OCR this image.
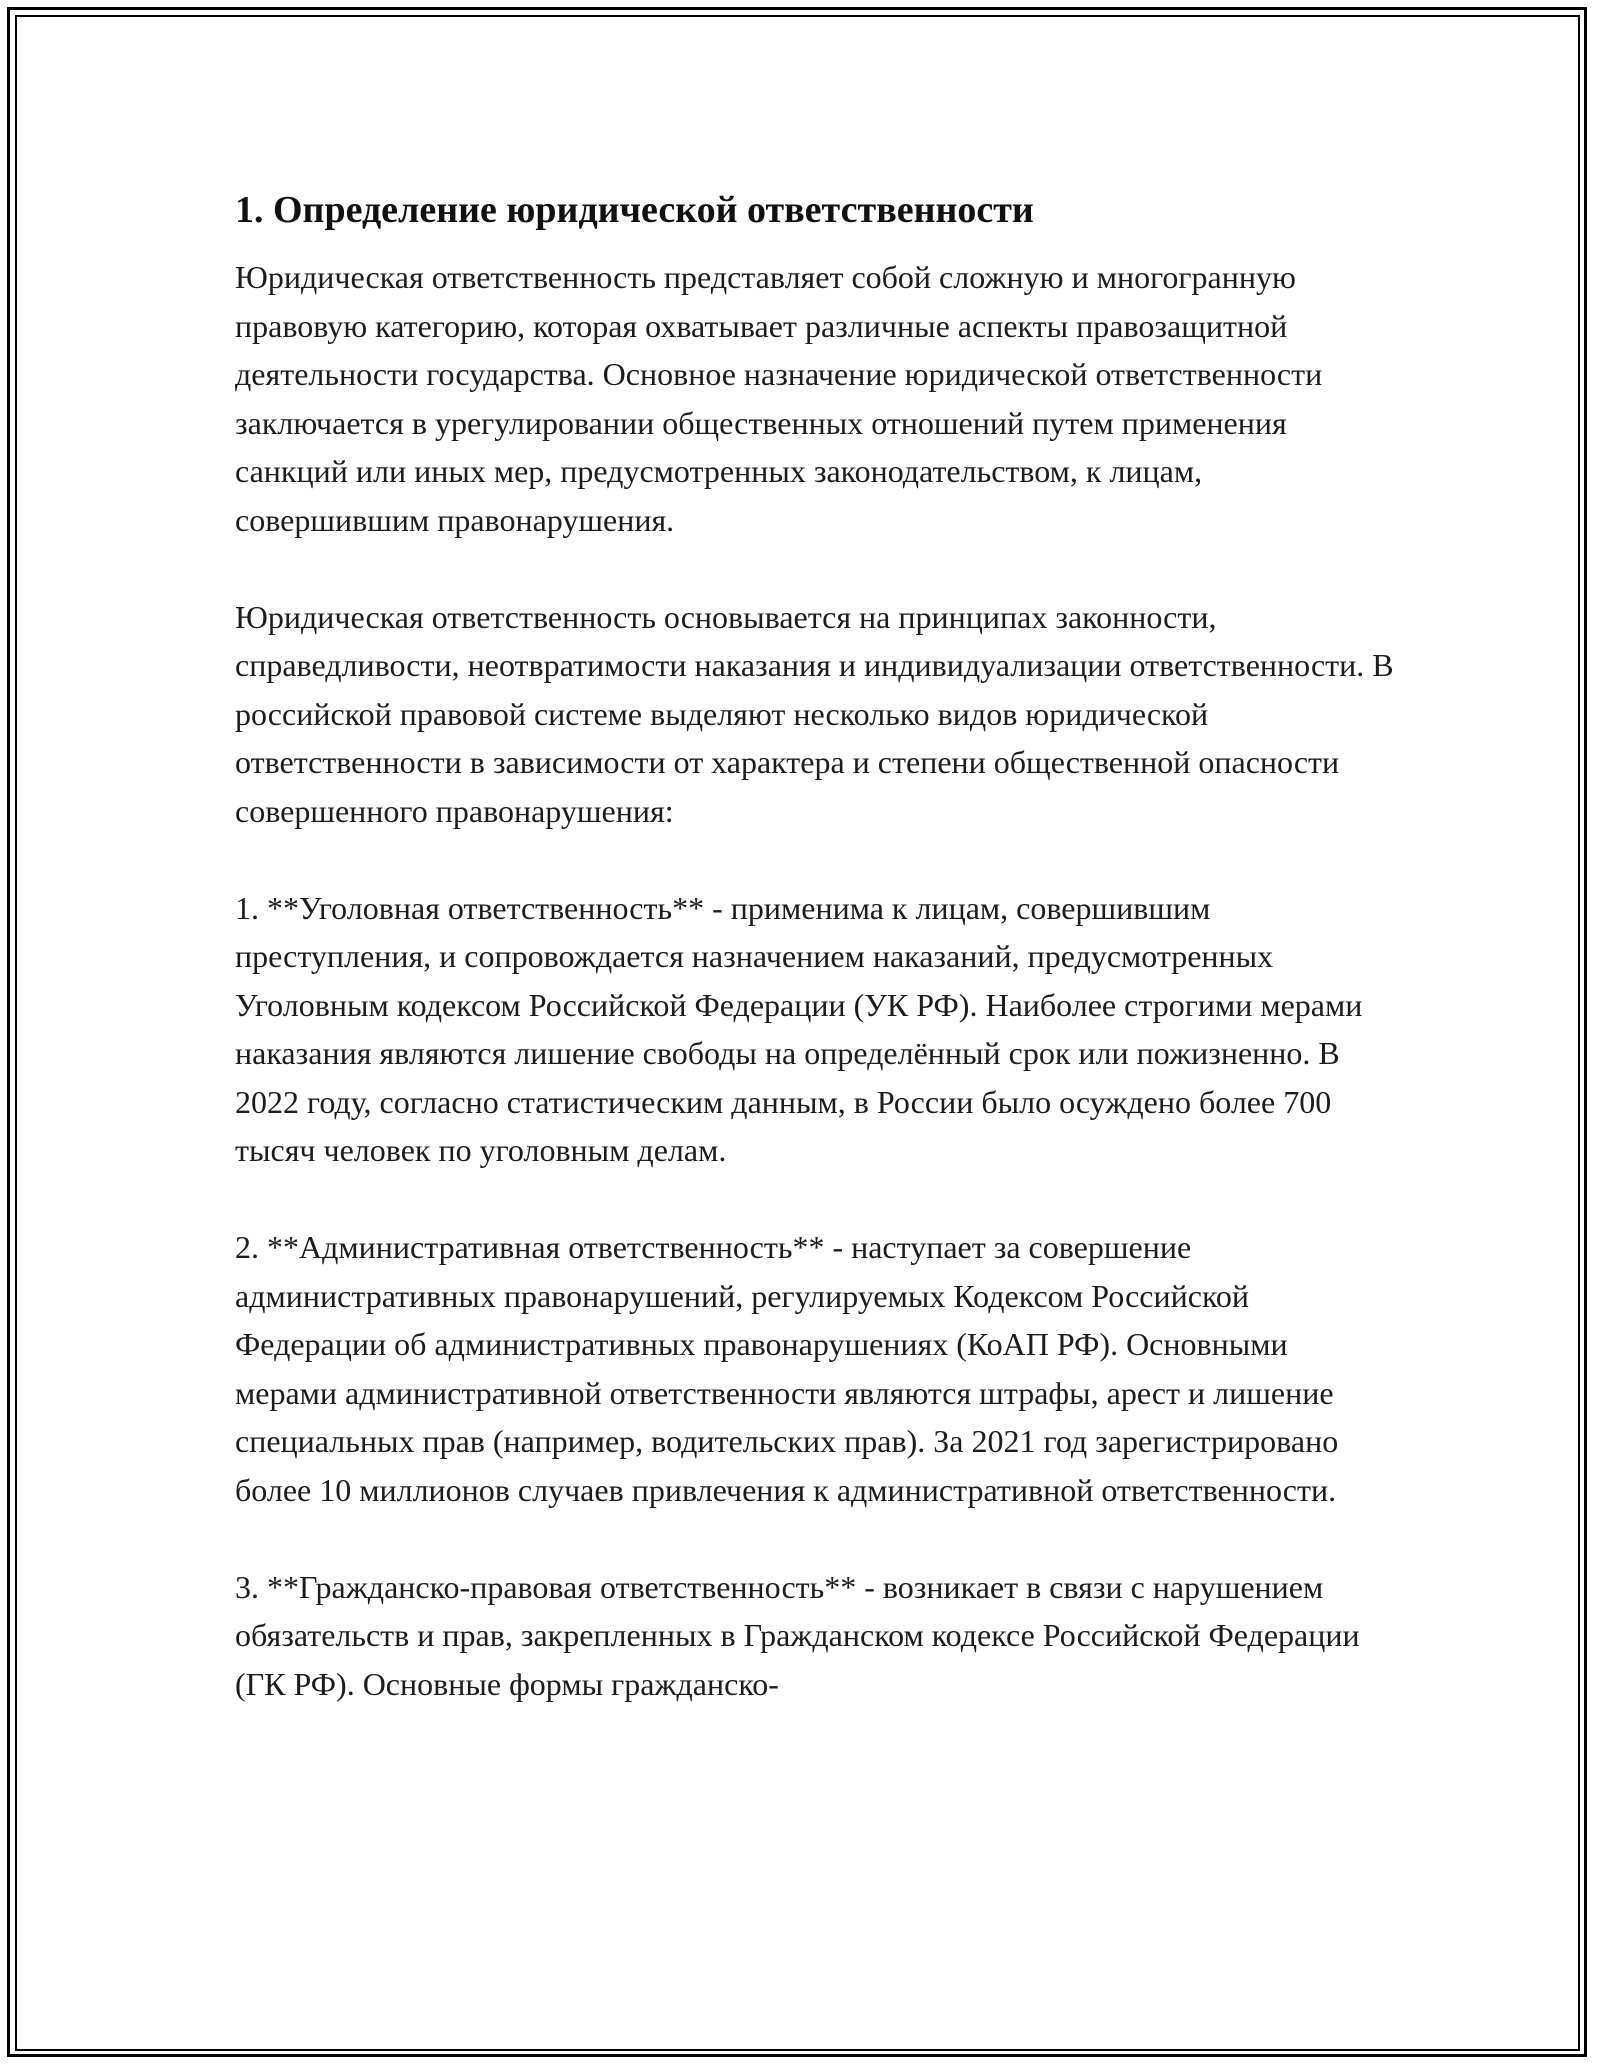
1. Определение юридической ответственности

Юридическая ответственность представляет собой сложную и многогранную правовую категорию, которая охватывает различные аспекты правозащитной деятельности государства. Основное назначение юридической ответственности заключается в урегулировании общественных отношений путем применения санкций или иных мер, предусмотренных законодательством, к лицам, совершившим правонарушения.

Юридическая ответственность основывается на принципах законности, справедливости, неотвратимости наказания и индивидуализации ответственности. В российской правовой системе выделяют несколько видов юридической ответственности в зависимости от характера и степени общественной опасности совершенного правонарушения:

1. **Уголовная ответственность** - применима к лицам, совершившим преступления, и сопровождается назначением наказаний, предусмотренных Уголовным кодексом Российской Федерации (УК РФ). Наиболее строгими мерами наказания являются лишение свободы на определённый срок или пожизненно. В 2022 году, согласно статистическим данным, в России было осуждено более 700 тысяч человек по уголовным делам.

2. **Административная ответственность** - наступает за совершение административных правонарушений, регулируемых Кодексом Российской Федерации об административных правонарушениях (КоАП РФ). Основными мерами административной ответственности являются штрафы, арест и лишение специальных прав (например, водительских прав). За 2021 год зарегистрировано более 10 миллионов случаев привлечения к административной ответственности.

3. **Гражданско-правовая ответственность** - возникает в связи с нарушением обязательств и прав, закрепленных в Гражданском кодексе Российской Федерации (ГК РФ). Основные формы гражданско-
